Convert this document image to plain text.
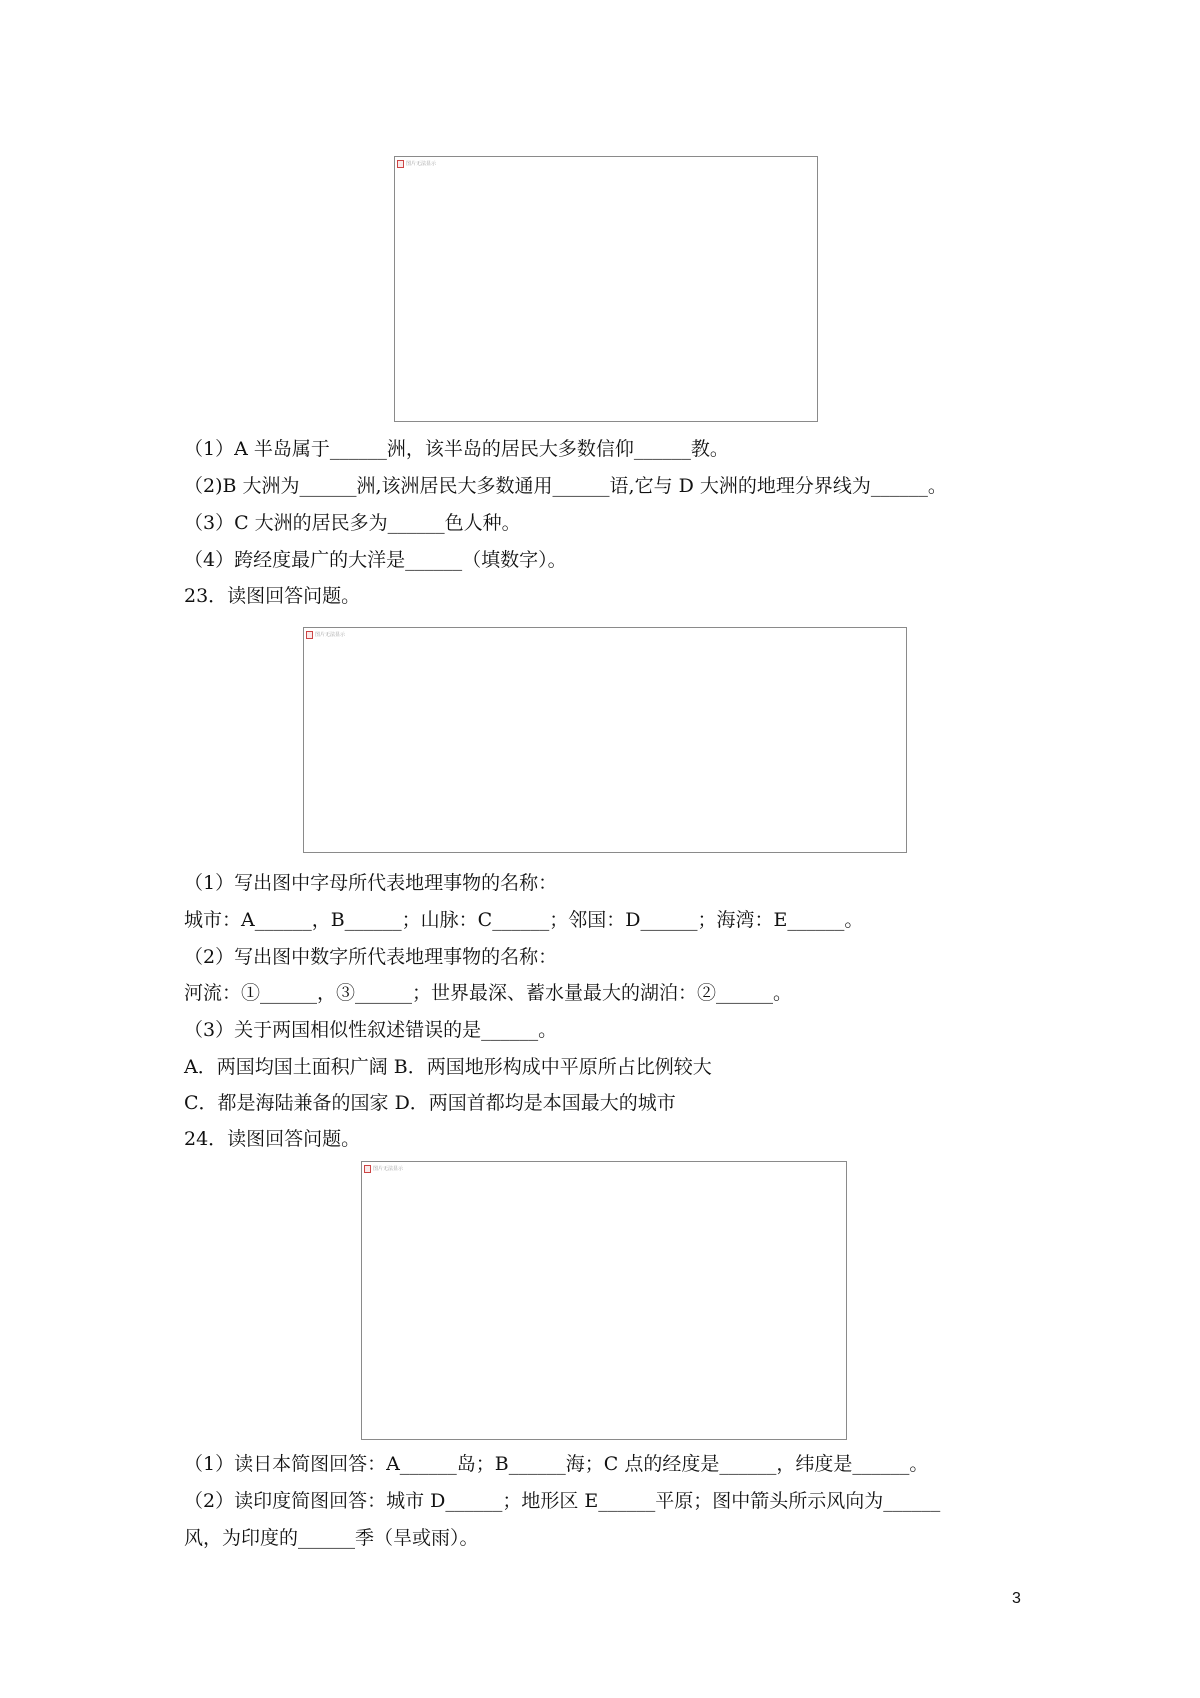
图片无法显示
（1）A 半岛属于______洲，该半岛的居民大多数信仰______教。
（2)B 大洲为______洲,该洲居民大多数通用______语,它与 D 大洲的地理分界线为______。
（3）C 大洲的居民多为______色人种。
（4）跨经度最广的大洋是______（填数字）。
23．读图回答问题。
图片无法显示
（1）写出图中字母所代表地理事物的名称：
城市：A______，B______；山脉：C______；邻国：D______；海湾：E______。
（2）写出图中数字所代表地理事物的名称：
河流：①______，③______；世界最深、蓄水量最大的湖泊：②______。
（3）关于两国相似性叙述错误的是______。
A．两国均国土面积广阔 B．两国地形构成中平原所占比例较大
C．都是海陆兼备的国家 D．两国首都均是本国最大的城市
24．读图回答问题。
图片无法显示
（1）读日本简图回答：A______岛；B______海；C 点的经度是______，纬度是______。
（2）读印度简图回答：城市 D______；地形区 E______平原；图中箭头所示风向为______
风，为印度的______季（旱或雨）。
3
